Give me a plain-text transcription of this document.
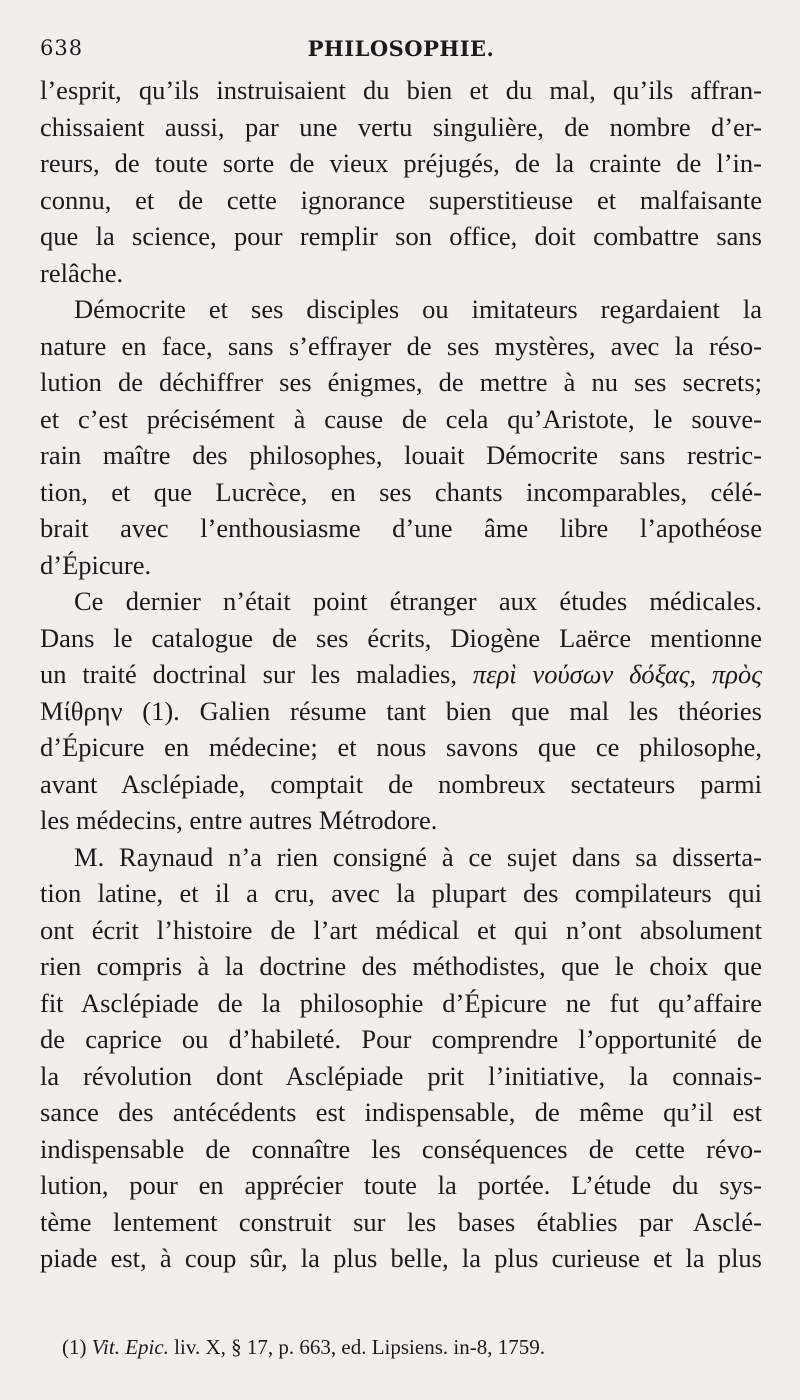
638	PHILOSOPHIE.
l’esprit, qu’ils instruisaient du bien et du mal, qu’ils affran-
chissaient aussi, par une vertu singulière, de nombre d’er-
reurs, de toute sorte de vieux préjugés, de la crainte de l’in-
connu, et de cette ignorance superstitieuse et malfaisante
que la science, pour remplir son office, doit combattre sans
relâche.
Démocrite et ses disciples ou imitateurs regardaient la
nature en face, sans s’effrayer de ses mystères, avec la réso-
lution de déchiffrer ses énigmes, de mettre à nu ses secrets;
et c’est précisément à cause de cela qu’Aristote, le souve-
rain maître des philosophes, louait Démocrite sans restric-
tion, et que Lucrèce, en ses chants incomparables, célé-
brait avec l’enthousiasme d’une âme libre l’apothéose
d’Épicure.
Ce dernier n’était point étranger aux études médicales.
Dans le catalogue de ses écrits, Diogène Laërce mentionne
un traité doctrinal sur les maladies, περὶ νούσων δόξας, πρὸς
Μίθρην (1). Galien résume tant bien que mal les théories
d’Épicure en médecine; et nous savons que ce philosophe,
avant Asclépiade, comptait de nombreux sectateurs parmi
les médecins, entre autres Métrodore.
M. Raynaud n’a rien consigné à ce sujet dans sa disserta-
tion latine, et il a cru, avec la plupart des compilateurs qui
ont écrit l’histoire de l’art médical et qui n’ont absolument
rien compris à la doctrine des méthodistes, que le choix que
fit Asclépiade de la philosophie d’Épicure ne fut qu’affaire
de caprice ou d’habileté. Pour comprendre l’opportunité de
la révolution dont Asclépiade prit l’initiative, la connais-
sance des antécédents est indispensable, de même qu’il est
indispensable de connaître les conséquences de cette révo-
lution, pour en apprécier toute la portée. L’étude du sys-
tème lentement construit sur les bases établies par Asclé-
piade est, à coup sûr, la plus belle, la plus curieuse et la plus
(1) Vit. Epic. liv. X, § 17, p. 663, ed. Lipsiens. in-8, 1759.
